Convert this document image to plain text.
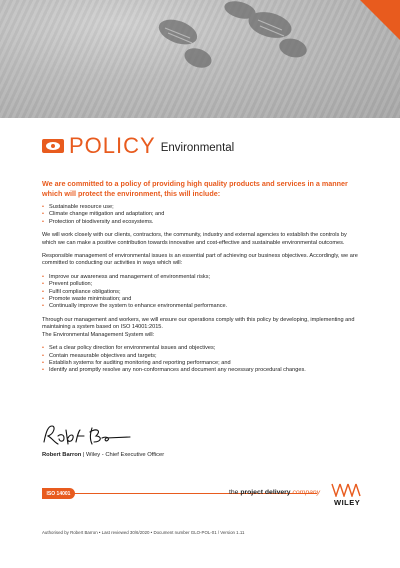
POLICY Environmental

We are committed to a policy of providing high quality products and services in a manner which will protect the environment, this will include:

• Sustainable resource use;
• Climate change mitigation and adaptation; and
• Protection of biodiversity and ecosystems.

We will work closely with our clients, contractors, the community, industry and external agencies to establish the controls by which we can make a positive contribution towards innovative and cost-effective and sustainable environmental outcomes.

Responsible management of environmental issues is an essential part of achieving our business objectives. Accordingly, we are committed to conducting our activities in ways which will:

• Improve our awareness and management of environmental risks;
• Prevent pollution;
• Fulfil compliance obligations;
• Promote waste minimisation; and
• Continually improve the system to enhance environmental performance.

Through our management and workers, we will ensure our operations comply with this policy by developing, implementing and maintaining a system based on ISO 14001:2015.

The Environmental Management System will:

• Set a clear policy direction for environmental issues and objectives;
• Contain measurable objectives and targets;
• Establish systems for auditing monitoring and reporting performance; and
• Identify and promptly resolve any non-conformances and document any necessary procedural changes.
Robert Barron | Wiley - Chief Executive Officer
ISO 14001	the project delivery company
WILEY
Authorised by Robert Barron • Last reviewed 30/6/2020 • Document number GLO-POL-01 / Version 1.11
